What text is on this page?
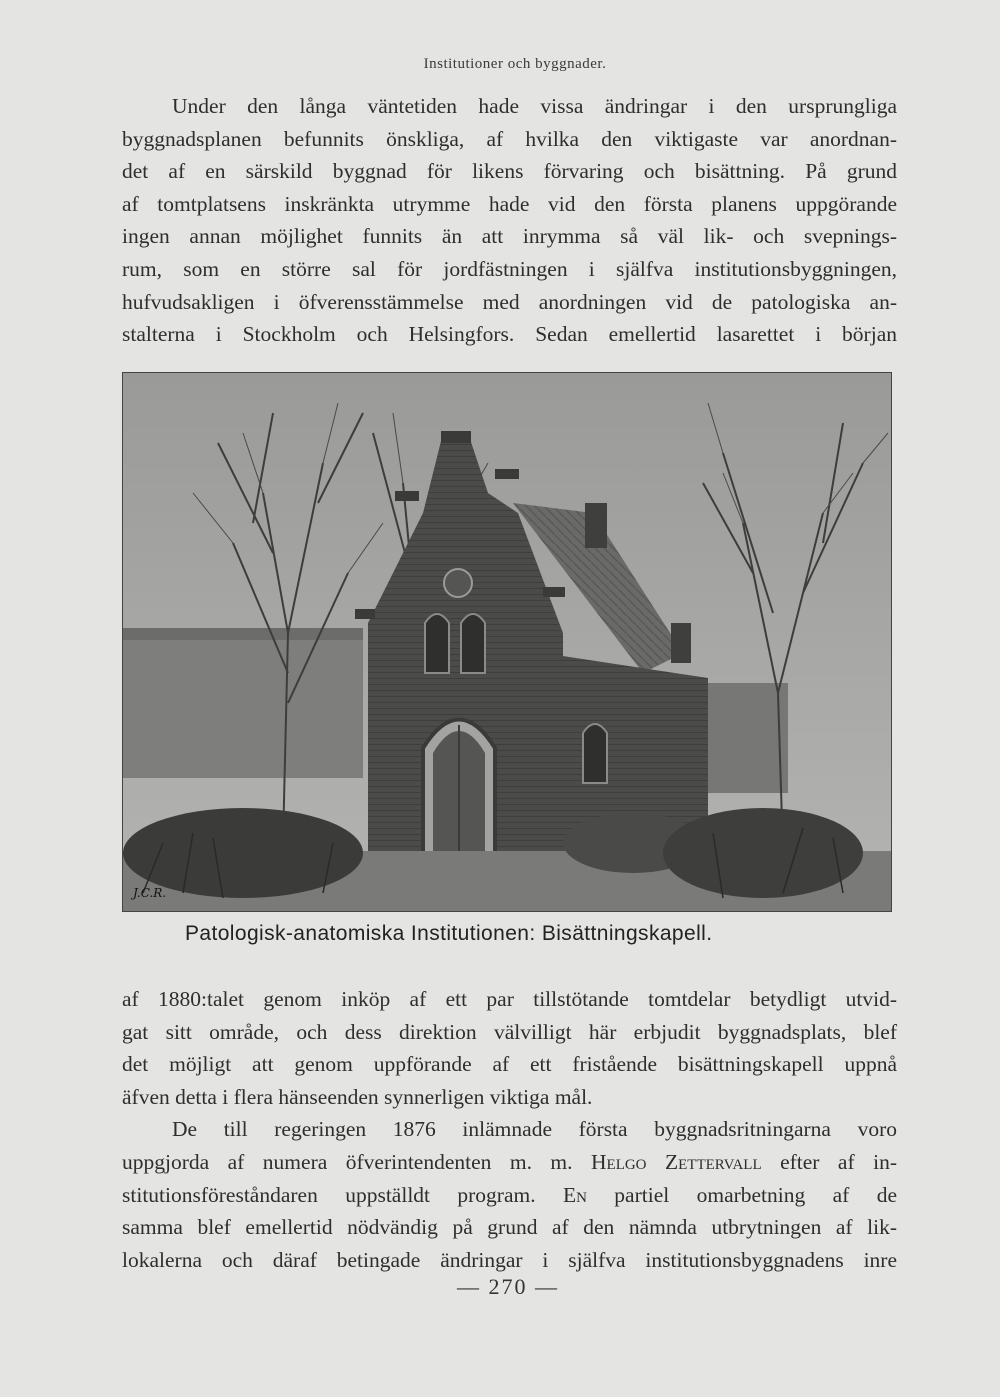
Institutioner och byggnader.
Under den långa väntetiden hade vissa ändringar i den ursprungliga
byggnadsplanen befunnits önskliga, af hvilka den viktigaste var anordnan-
det af en särskild byggnad för likens förvaring och bisättning. På grund
af tomtplatsens inskränkta utrymme hade vid den första planens uppgörande
ingen annan möjlighet funnits än att inrymma så väl lik- och svepnings-
rum, som en större sal för jordfästningen i själfva institutionsbyggningen,
hufvudsakligen i öfverensstämmelse med anordningen vid de patologiska an-
stalterna i Stockholm och Helsingfors. Sedan emellertid lasarettet i början
J.C.R.
Patologisk-anatomiska Institutionen: Bisättningskapell.
af 1880:talet genom inköp af ett par tillstötande tomtdelar betydligt utvid-
gat sitt område, och dess direktion välvilligt här erbjudit byggnadsplats, blef
det möjligt att genom uppförande af ett fristående bisättningskapell uppnå
äfven detta i flera hänseenden synnerligen viktiga mål.
De till regeringen 1876 inlämnade första byggnadsritningarna voro
uppgjorda af numera öfverintendenten m. m. Helgo Zettervall efter af in-
stitutionsföreståndaren uppställdt program. En partiel omarbetning af de
samma blef emellertid nödvändig på grund af den nämnda utbrytningen af lik-
lokalerna och däraf betingade ändringar i själfva institutionsbyggnadens inre
— 270 —
